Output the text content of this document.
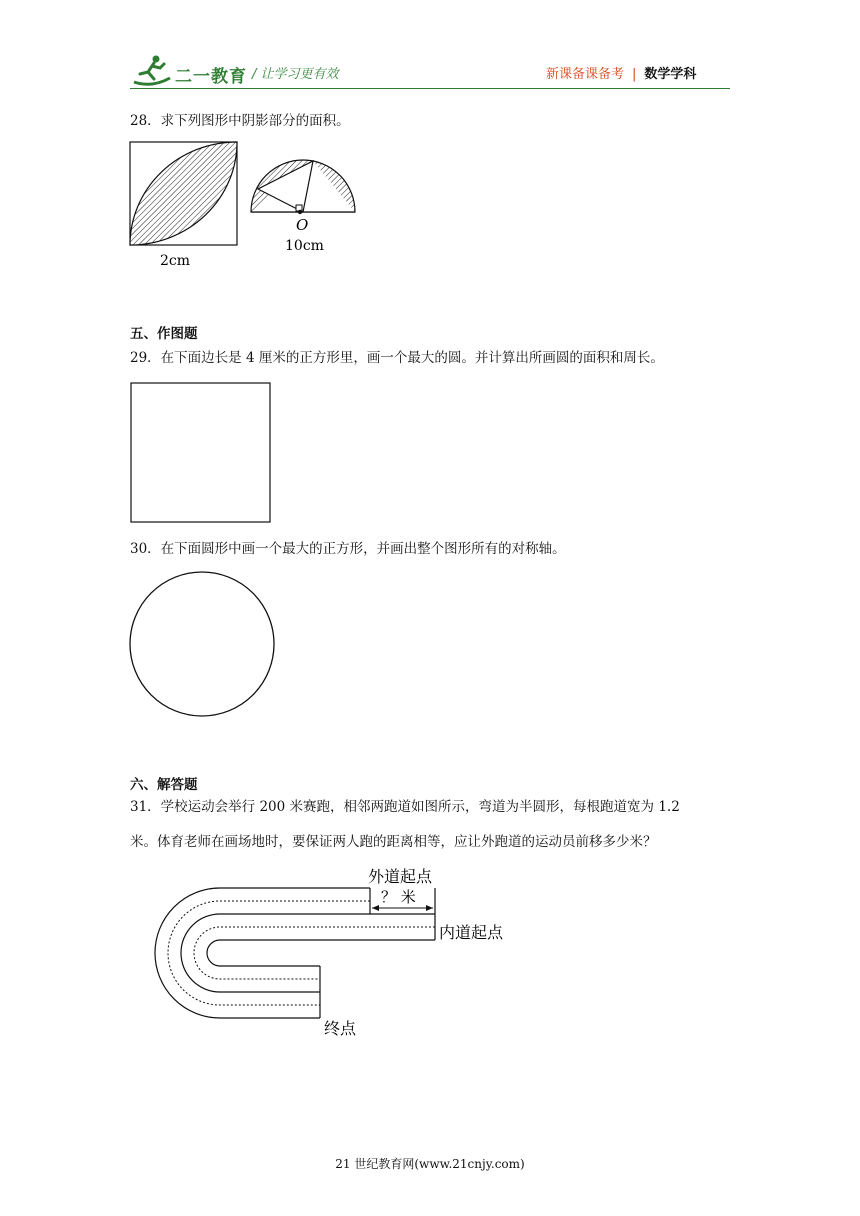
二一教育 / 让学习更有效	新课备课备考 | 数学学科
28．求下列图形中阴影部分的面积。
2cm
O
10cm
五、作图题
29．在下面边长是 4 厘米的正方形里，画一个最大的圆。并计算出所画圆的面积和周长。
30．在下面圆形中画一个最大的正方形，并画出整个图形所有的对称轴。
六、解答题
31．学校运动会举行 200 米赛跑，相邻两跑道如图所示，弯道为半圆形，每根跑道宽为 1.2
米。体育老师在画场地时，要保证两人跑的距离相等，应让外跑道的运动员前移多少米？
外道起点
？ 米
内道起点
终点
21 世纪教育网(www.21cnjy.com)
